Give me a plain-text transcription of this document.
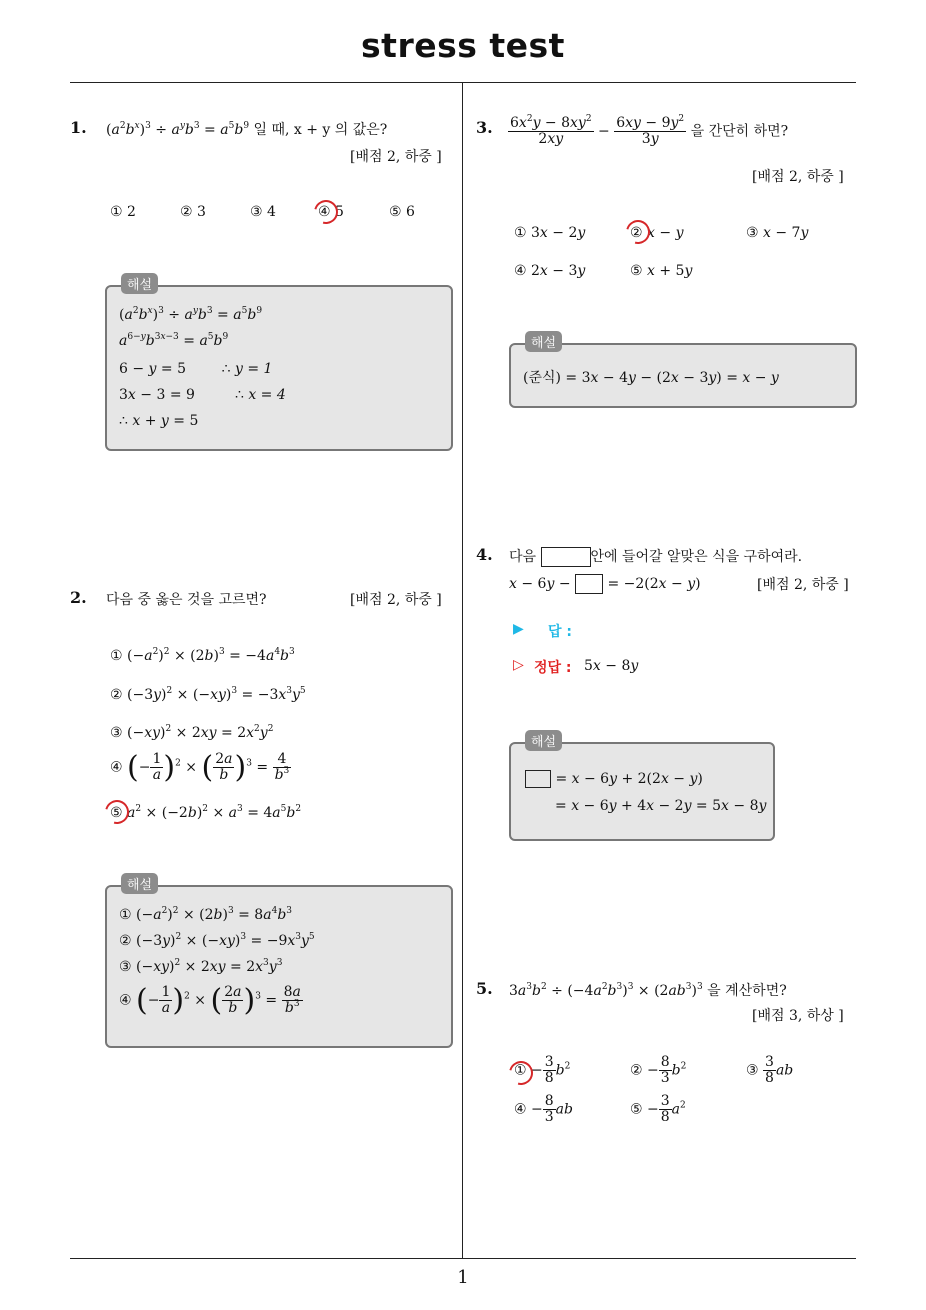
stress test
1
1. $(a^2b^x)^3 \div a^yb^3 = a^5b^9$ 일 때, x + y 의 값은?
[배점 2, 하중 ]
① 2	② 3	③ 4	④ 5	⑤ 6
해설
$(a^2b^x)^3 \div a^yb^3 = a^5b^9$
$a^{6-y}b^{3x-3} = a^5b^9$
6 − y = 5        ∴ y = 1
3x − 3 = 9         ∴ x = 4
∴ x + y = 5
2. 다음 중 옳은 것을 고르면?	[배점 2, 하중 ]
① $(-a^2)^2 \times (2b)^3 = -4a^4b^3$
② $(-3y)^2 \times (-xy)^3 = -3x^3y^5$
③ $(-xy)^2 \times 2xy = 2x^2y^2$
④ (− $\frac{1}{a} )^2$ × ( $\frac{2a}{b} )^3 = \frac{4}{b^3}$
⑤ $a^2 \times (-2b)^2 \times a^3 = 4a^5b^2$
해설
① $(-a^2)^2 \times (2b)^3 = 8a^4b^3$
② $(-3y)^2 \times (-xy)^3 = -9x^3y^5$
③ $(-xy)^2 \times 2xy = 2x^3y^3$
④ (− $\frac{1}{a} )^2$ × ( $\frac{2a}{b} )^3 = \frac{8a}{b^3}$
3. $\frac{6x^2y - 8xy^2}{2xy} - \frac{6xy - 9y^2}{3y}$ 을 간단히 하면?
[배점 2, 하중 ]
① 3x − 2y	② x − y	③ x − 7y
④ 2x − 3y	⑤ x + 5y
해설
(준식) = 3x − 4y − (2x − 3y) = x − y
4. 다음	안에 들어갈 알맞은 식을 구하여라.
x − 6y −  = −2(2x − y)	[배점 2, 하중 ]
▶ 답 :
▷ 정답 : 5x − 8y
해설
= x − 6y + 2(2x − y)
= x − 6y + 4x − 2y = 5x − 8y
5. $3a^3b^2 \div (-4a^2b^3)^3 \times (2ab^3)^3$ 을 계산하면?
[배점 3, 하상 ]
① − $\frac{3}{8} b^2$	② − $\frac{8}{3} b^2$	③ $\frac{3}{8}$ ab
④ − $\frac{8}{3}$ ab	⑤ − $\frac{3}{8} a^2$
